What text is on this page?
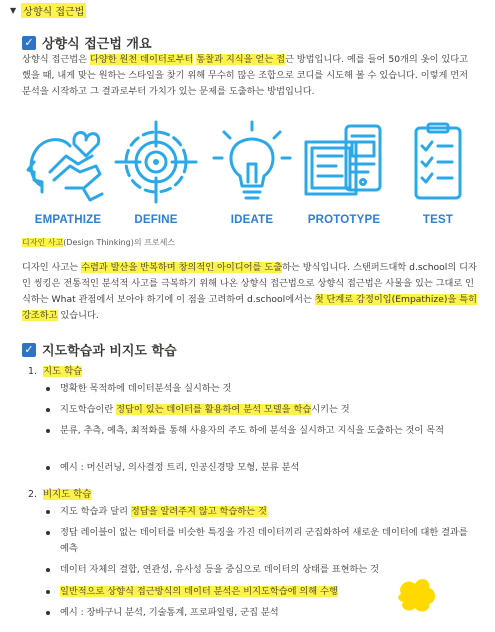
▼ 상향식 접근법
✓ 상향식 접근법 개요
상향식 접근법은 다양한 원천 데이터로부터 통찰과 지식을 얻는 접근 방법입니다. 예를 들어 50개의 옷이 있다고 했을 때, 내게 맞는 원하는 스타일을 찾기 위해 무수히 많은 조합으로 코디를 시도해 볼 수 있습니다. 이렇게 먼저 분석을 시작하고 그 결과로부터 가치가 있는 문제를 도출하는 방법입니다.
EMPATHIZE	DEFINE	IDEATE	PROTOTYPE	TEST
디자인 사고(Design Thinking)의 프로세스
디자인 사고는 수렴과 발산을 반복하며 창의적인 아이디어를 도출하는 방식입니다. 스탠퍼드대학 d.school의 디자인 씽킹은 전통적인 분석적 사고를 극복하기 위해 나온 상향식 접근법으로 상향식 접근법은 사물을 있는 그대로 인식하는 What 관점에서 보아야 하기에 이 점을 고려하여 d.school에서는 첫 단계로 감정이입(Empathize)을 특히 강조하고 있습니다.
✓ 지도학습과 비지도 학습
1. 지도 학습
명확한 목적하에 데이터분석을 실시하는 것
지도학습이란 정답이 있는 데이터를 활용하여 분석 모델을 학습시키는 것
분류, 추측, 예측, 최적화를 통해 사용자의 주도 하에 분석을 실시하고 지식을 도출하는 것이 목적
예시 : 머신러닝, 의사결정 트리, 인공신경망 모형, 분류 분석
2. 비지도 학습
지도 학습과 달리 정답을 알려주지 않고 학습하는 것
정답 레이블이 없는 데이터를 비슷한 특징을 가진 데이터끼리 군집화하여 새로운 데이터에 대한 결과를 예측
데이터 자체의 결합, 연관성, 유사성 등을 중심으로 데이터의 상태를 표현하는 것
일반적으로 상향식 접근방식의 데이터 분석은 비지도학습에 의해 수행
예시 : 장바구니 분석, 기술통계, 프로파일링, 군집 분석
